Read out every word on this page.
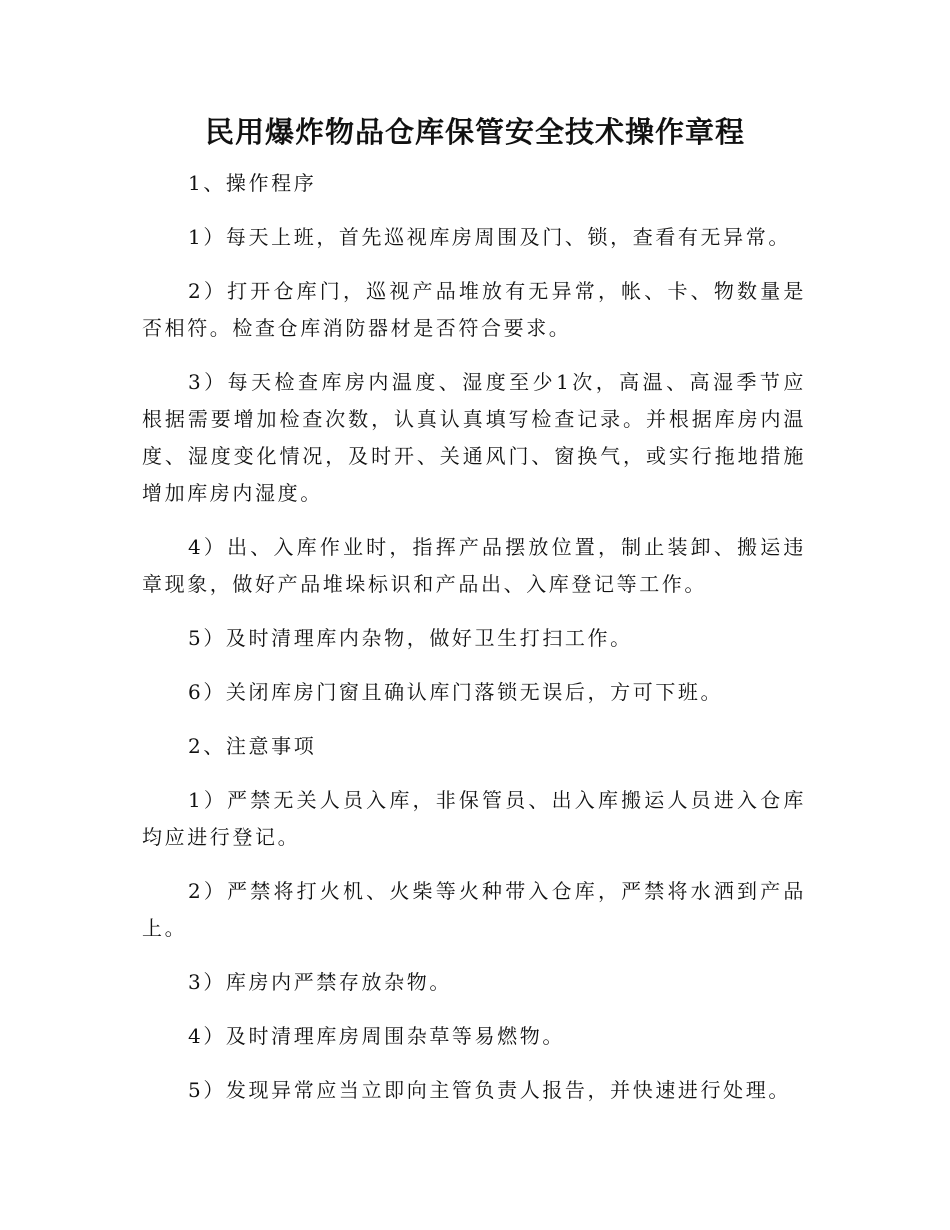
民用爆炸物品仓库保管安全技术操作章程

1、操作程序

1）每天上班，首先巡视库房周围及门、锁，查看有无异常。

2）打开仓库门，巡视产品堆放有无异常，帐、卡、物数量是否相符。检查仓库消防器材是否符合要求。

3）每天检查库房内温度、湿度至少1次，高温、高湿季节应根据需要增加检查次数，认真认真填写检查记录。并根据库房内温度、湿度变化情况，及时开、关通风门、窗换气，或实行拖地措施增加库房内湿度。

4）出、入库作业时，指挥产品摆放位置，制止装卸、搬运违章现象，做好产品堆垛标识和产品出、入库登记等工作。

5）及时清理库内杂物，做好卫生打扫工作。

6）关闭库房门窗且确认库门落锁无误后，方可下班。

2、注意事项

1）严禁无关人员入库，非保管员、出入库搬运人员进入仓库均应进行登记。

2）严禁将打火机、火柴等火种带入仓库，严禁将水洒到产品上。

3）库房内严禁存放杂物。

4）及时清理库房周围杂草等易燃物。

5）发现异常应当立即向主管负责人报告，并快速进行处理。
